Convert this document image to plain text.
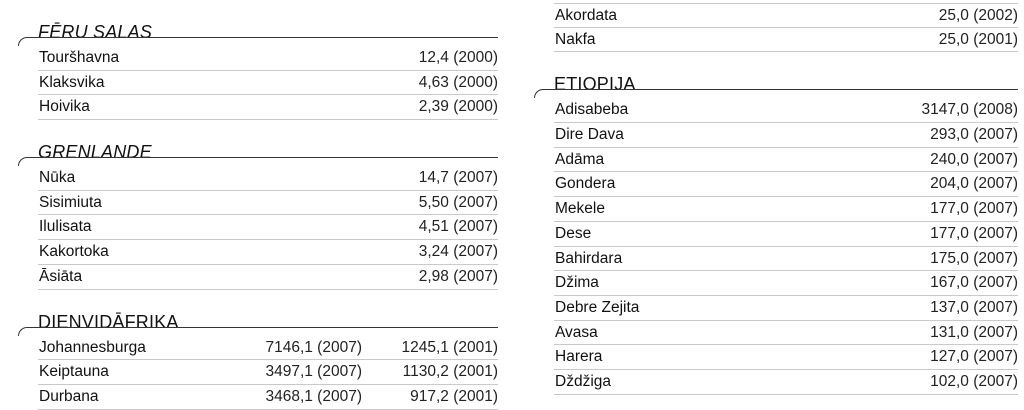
FĒRU SALAS
Touršhavna	12,4 (2000)
Klaksvika	4,63 (2000)
Hoivika	2,39 (2000)
GRENLANDE
Nūka	14,7 (2007)
Sisimiuta	5,50 (2007)
Ilulisata	4,51 (2007)
Kakortoka	3,24 (2007)
Āsiāta	2,98 (2007)
DIENVIDĀFRIKA
Johannesburga	7146,1 (2007)	1245,1 (2001)
Keiptauna	3497,1 (2007)	1130,2 (2001)
Durbana	3468,1 (2007)	917,2 (2001)
Akordata	25,0 (2002)
Nakfa	25,0 (2001)
ETIOPIJA
Adisabeba	3147,0 (2008)
Dire Dava	293,0 (2007)
Adāma	240,0 (2007)
Gondera	204,0 (2007)
Mekele	177,0 (2007)
Dese	177,0 (2007)
Bahirdara	175,0 (2007)
Džima	167,0 (2007)
Debre Zejita	137,0 (2007)
Avasa	131,0 (2007)
Harera	127,0 (2007)
Dždžiga	102,0 (2007)
